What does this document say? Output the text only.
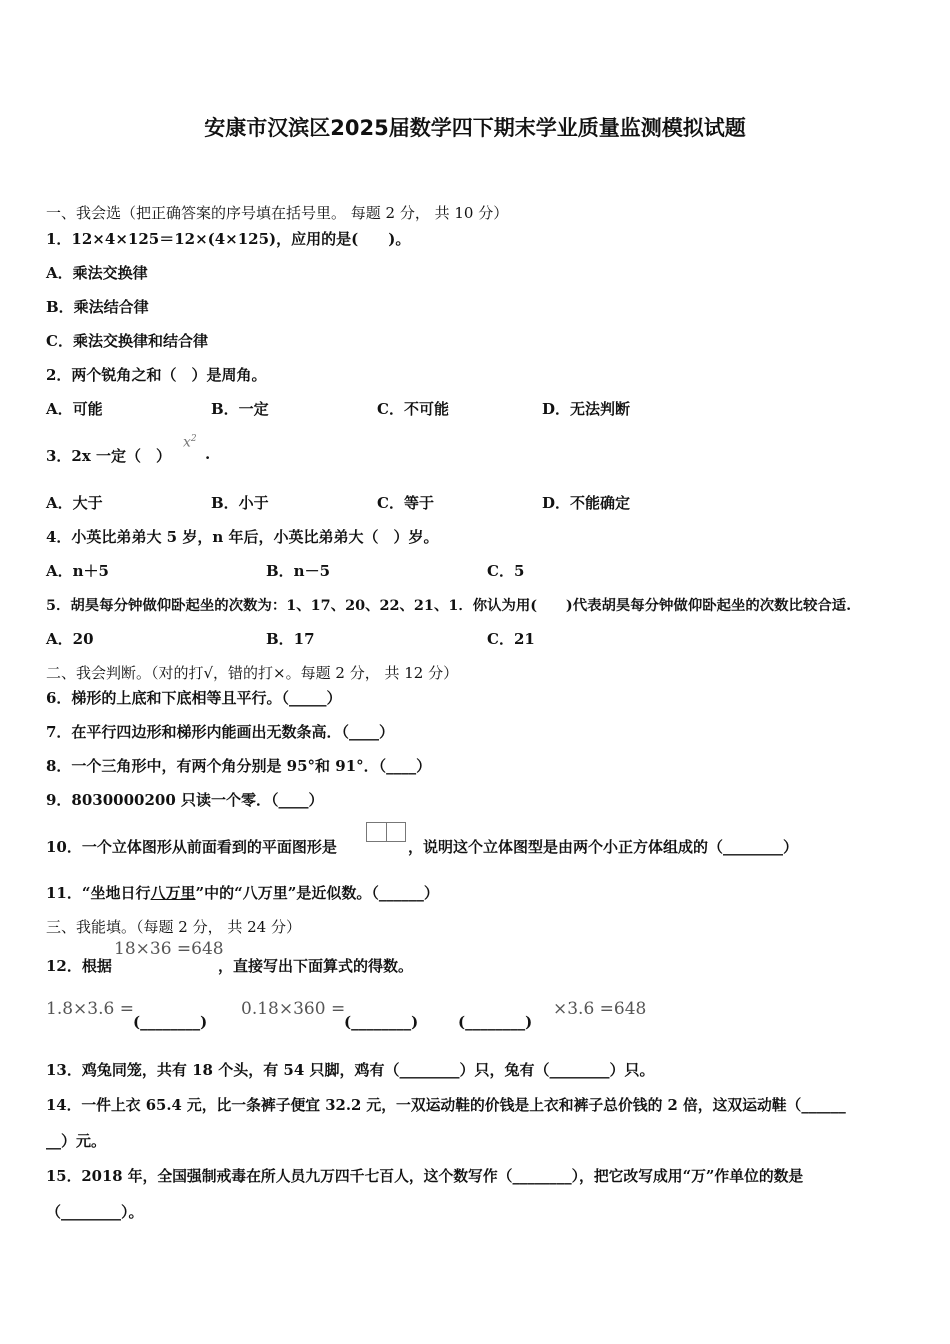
安康市汉滨区2025届数学四下期末学业质量监测模拟试题
一、我会选（把正确答案的序号填在括号里。 每题 2 分， 共 10 分）
1．12×4×125＝12×(4×125)，应用的是(　　)。
A．乘法交换律
B．乘法结合律
C．乘法交换律和结合律
2．两个锐角之和（　）是周角。
A．可能	B．一定	C．不可能	D．无法判断
3．2x 一定（　）
$x^2$
.
A．大于	B．小于	C．等于	D．不能确定
4．小英比弟弟大 5 岁，n 年后，小英比弟弟大（　）岁。
A．n＋5	B．n－5	C．5
5．胡昊每分钟做仰卧起坐的次数为：1、17、20、22、21、1．你认为用(　　)代表胡昊每分钟做仰卧起坐的次数比较合适.
A．20	B．17	C．21
二、我会判断。（对的打√，错的打×。每题 2 分， 共 12 分）
6．梯形的上底和下底相等且平行。（_____）
7．在平行四边形和梯形内能画出无数条高．（____）
8．一个三角形中，有两个角分别是 95°和 91°．（____）
9．8030000200 只读一个零．（____）
10．一个立体图形从前面看到的平面图形是	，说明这个立体图型是由两个小正方体组成的（________）
11．“坐地日行八万里”中的“八万里”是近似数。（______）
三、我能填。（每题 2 分， 共 24 分）
12．根据
18×36 =648
，直接写出下面算式的得数。
1.8×3.6 =
(________)
0.18×360 =
(________)	(________)
×3.6 =648
13．鸡兔同笼，共有 18 个头，有 54 只脚，鸡有（________）只，兔有（________）只。
14．一件上衣 65.4 元，比一条裤子便宜 32.2 元，一双运动鞋的价钱是上衣和裤子总价钱的 2 倍，这双运动鞋（______
__）元。
15．2018 年，全国强制戒毒在所人员九万四千七百人，这个数写作（________），把它改写成用“万”作单位的数是
（________）。
